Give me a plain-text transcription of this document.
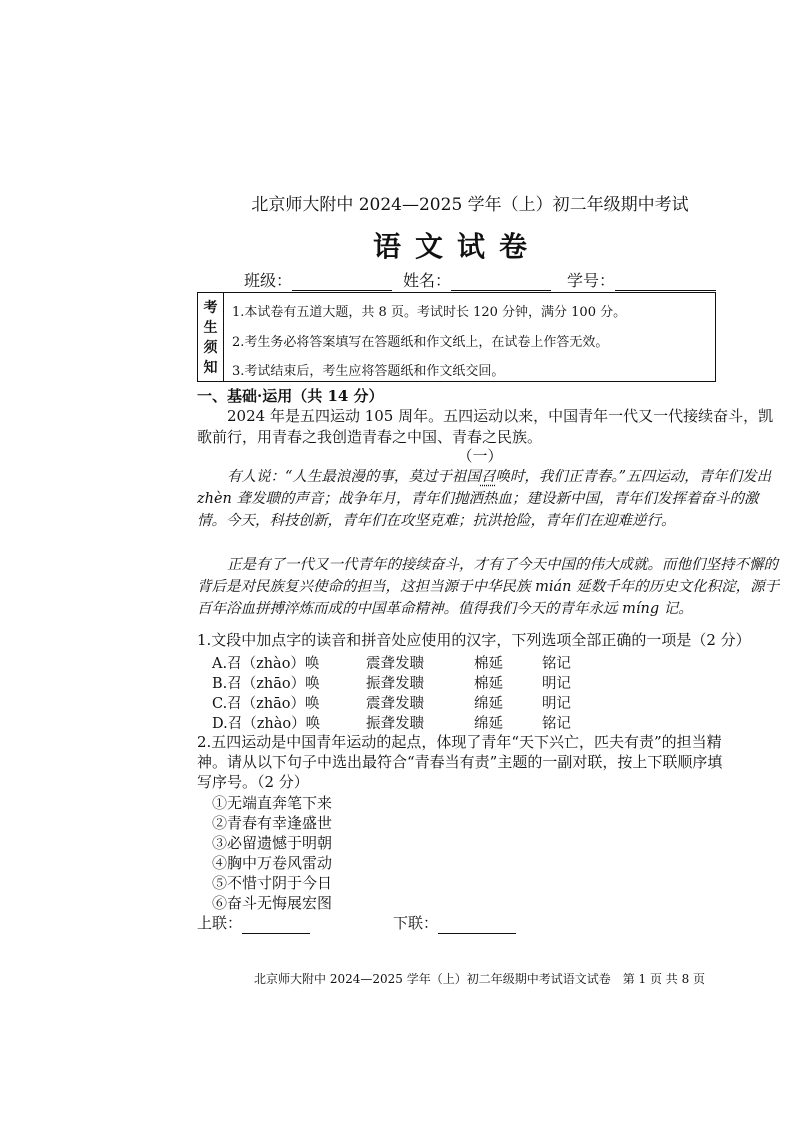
北京师大附中 2024—2025 学年（上）初二年级期中考试
语文试卷
班级：	姓名：	学号：
考
生
须
知
1.本试卷有五道大题，共 8 页。考试时长 120 分钟，满分 100 分。
2.考生务必将答案填写在答题纸和作文纸上，在试卷上作答无效。
3.考试结束后，考生应将答题纸和作文纸交回。
一、基础·运用（共 14 分）
2024 年是五四运动 105 周年。五四运动以来，中国青年一代又一代接续奋斗，凯歌前行，用青春之我创造青春之中国、青春之民族。
（一）
有人说：“人生最浪漫的事，莫过于祖国召唤时，我们正青春。”五四运动，青年们发出 zhèn 聋发聩的声音；战争年月，青年们抛洒热血；建设新中国，青年们发挥着奋斗的激情。今天，科技创新，青年们在攻坚克难；抗洪抢险，青年们在迎难逆行。
正是有了一代又一代青年的接续奋斗，才有了今天中国的伟大成就。而他们坚持不懈的背后是对民族复兴使命的担当，这担当源于中华民族 mián 延数千年的历史文化积淀，源于百年浴血拼搏淬炼而成的中国革命精神。值得我们今天的青年永远 míng 记。
1.文段中加点字的读音和拼音处应使用的汉字，下列选项全部正确的一项是（2 分）
A.召（zhào）唤	震聋发聩	棉延	铭记
B.召（zhāo）唤	振聋发聩	棉延	明记
C.召（zhāo）唤	震聋发聩	绵延	明记
D.召（zhào）唤	振聋发聩	绵延	铭记
2.五四运动是中国青年运动的起点，体现了青年“天下兴亡，匹夫有责”的担当精
神。请从以下句子中选出最符合“青春当有责”主题的一副对联，按上下联顺序填
写序号。（2 分）
①无端直奔笔下来
②青春有幸逢盛世
③必留遗憾于明朝
④胸中万卷风雷动
⑤不惜寸阴于今日
⑥奋斗无悔展宏图
上联：	下联：
北京师大附中 2024—2025 学年（上）初二年级期中考试语文试卷　第 1 页 共 8 页
